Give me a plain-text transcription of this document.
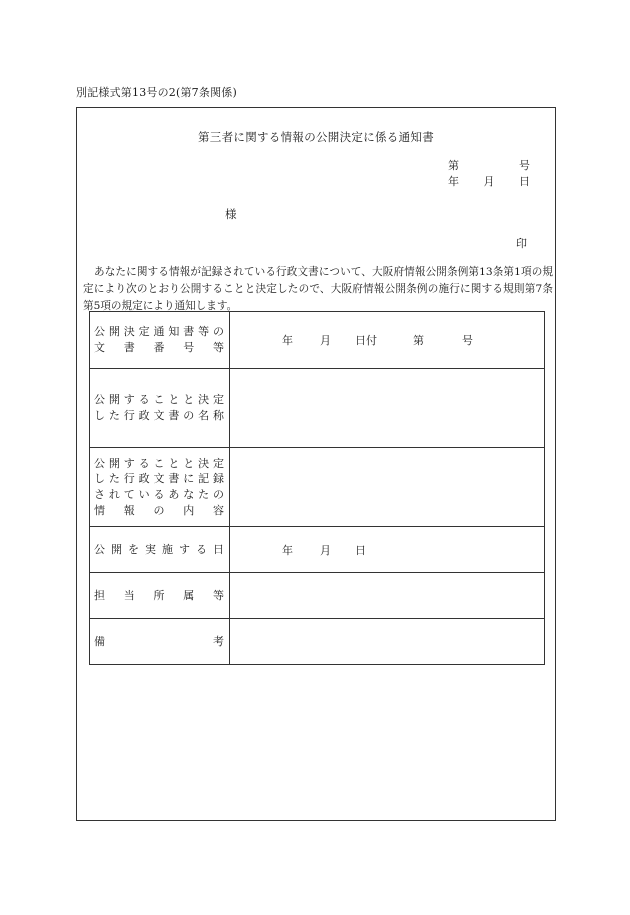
別記様式第13号の2(第7条関係)
第三者に関する情報の公開決定に係る通知書
第	号
年 月 日
様
印
あなたに関する情報が記録されている行政文書について、大阪府情報公開条例第13条第1項の規定により次のとおり公開することと決定したので、大阪府情報公開条例の施行に関する規則第7条第5項の規定により通知します。
公開決定通知書等の
文書番号等	年 月 日付 第 号

公開することと決定
した行政文書の名称	

公開することと決定
した行政文書に記録
されているあなたの
情報の内容	

公開を実施する日	年 月 日

担当所属等	

備考	
